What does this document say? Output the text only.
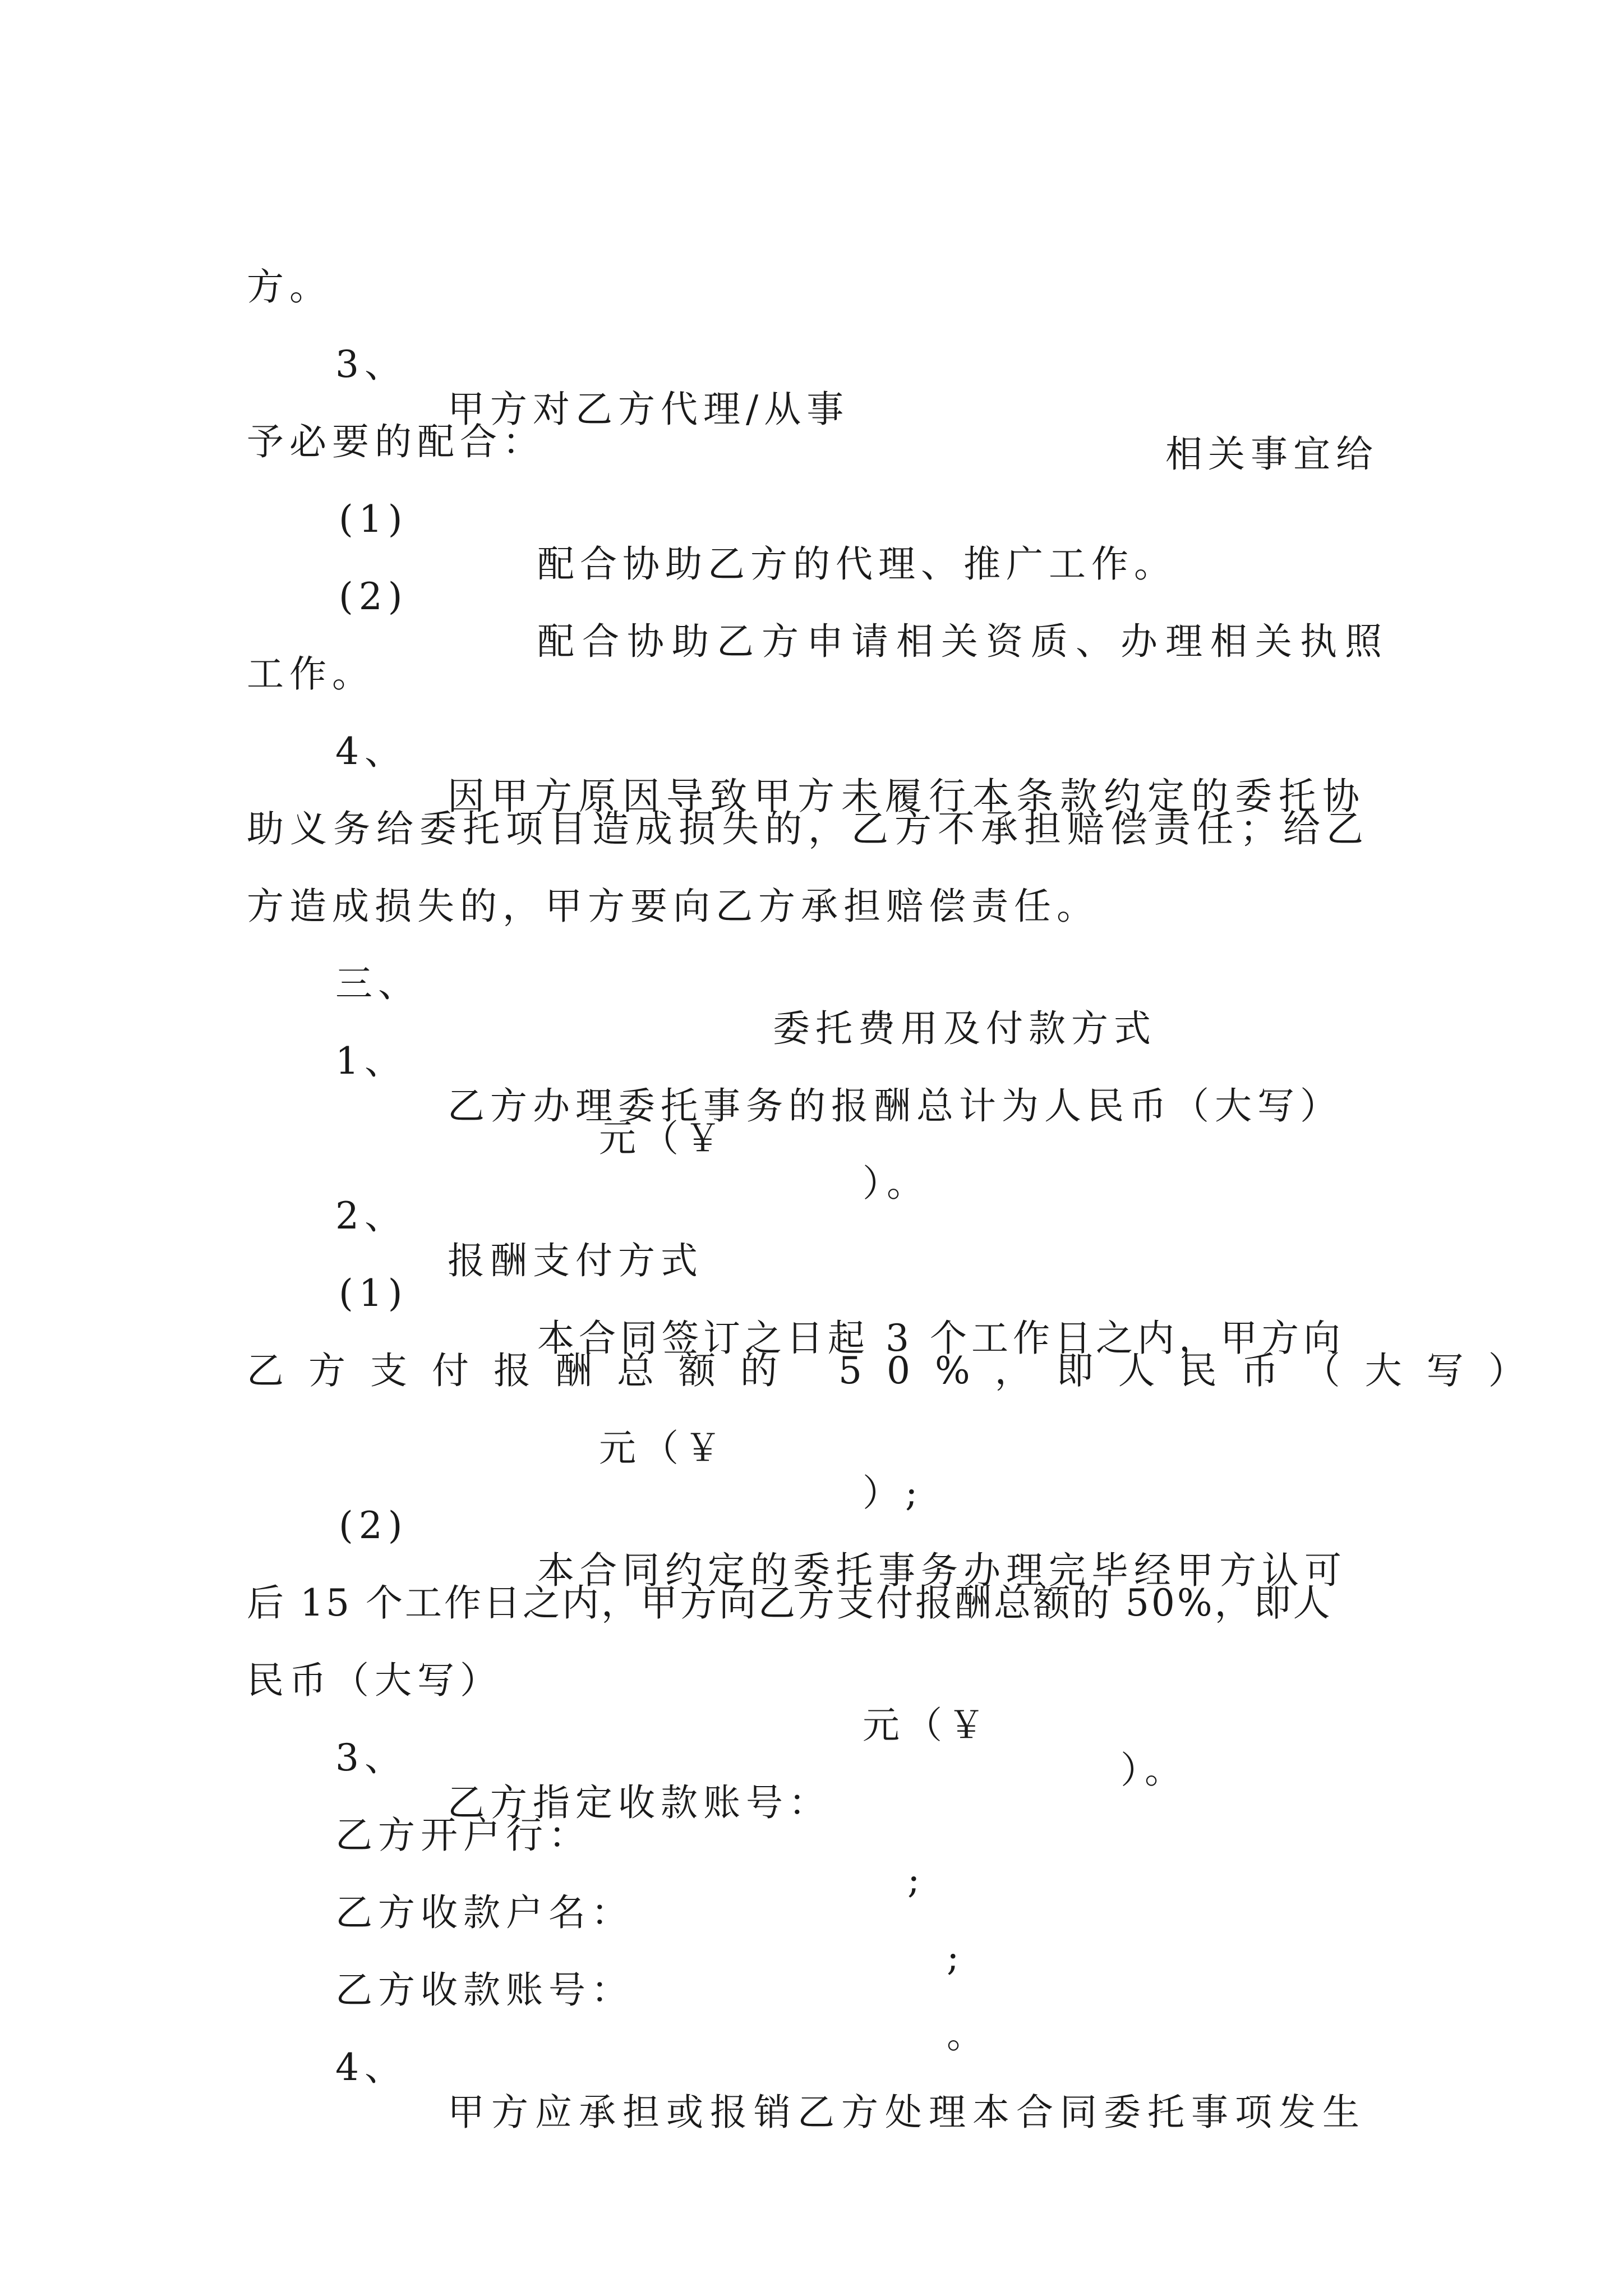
方。

3、

甲方对乙方代理/从事

相关事宜给

予必要的配合：

(1)

配合协助乙方的代理、推广工作。

(2)

配合协助乙方申请相关资质、办理相关执照

工作。

4、

因甲方原因导致甲方未履行本条款约定的委托协

助义务给委托项目造成损失的，乙方不承担赔偿责任；给乙

方造成损失的，甲方要向乙方承担赔偿责任。

三、

委托费用及付款方式

1、

乙方办理委托事务的报酬总计为人民币（大写）

元（￥

）。

2、

报酬支付方式

(1)

本合同签订之日起 3 个工作日之内，甲方向

乙方支付报酬总额的 50%，即人民币（大写）

元（￥

）;

(2)

本合同约定的委托事务办理完毕经甲方认可

后 15 个工作日之内，甲方向乙方支付报酬总额的 50%，即人

民币（大写）

元（￥

）。

3、

乙方指定收款账号：

乙方开户行：

;

乙方收款户名：

;

乙方收款账号：

。

4、

甲方应承担或报销乙方处理本合同委托事项发生
